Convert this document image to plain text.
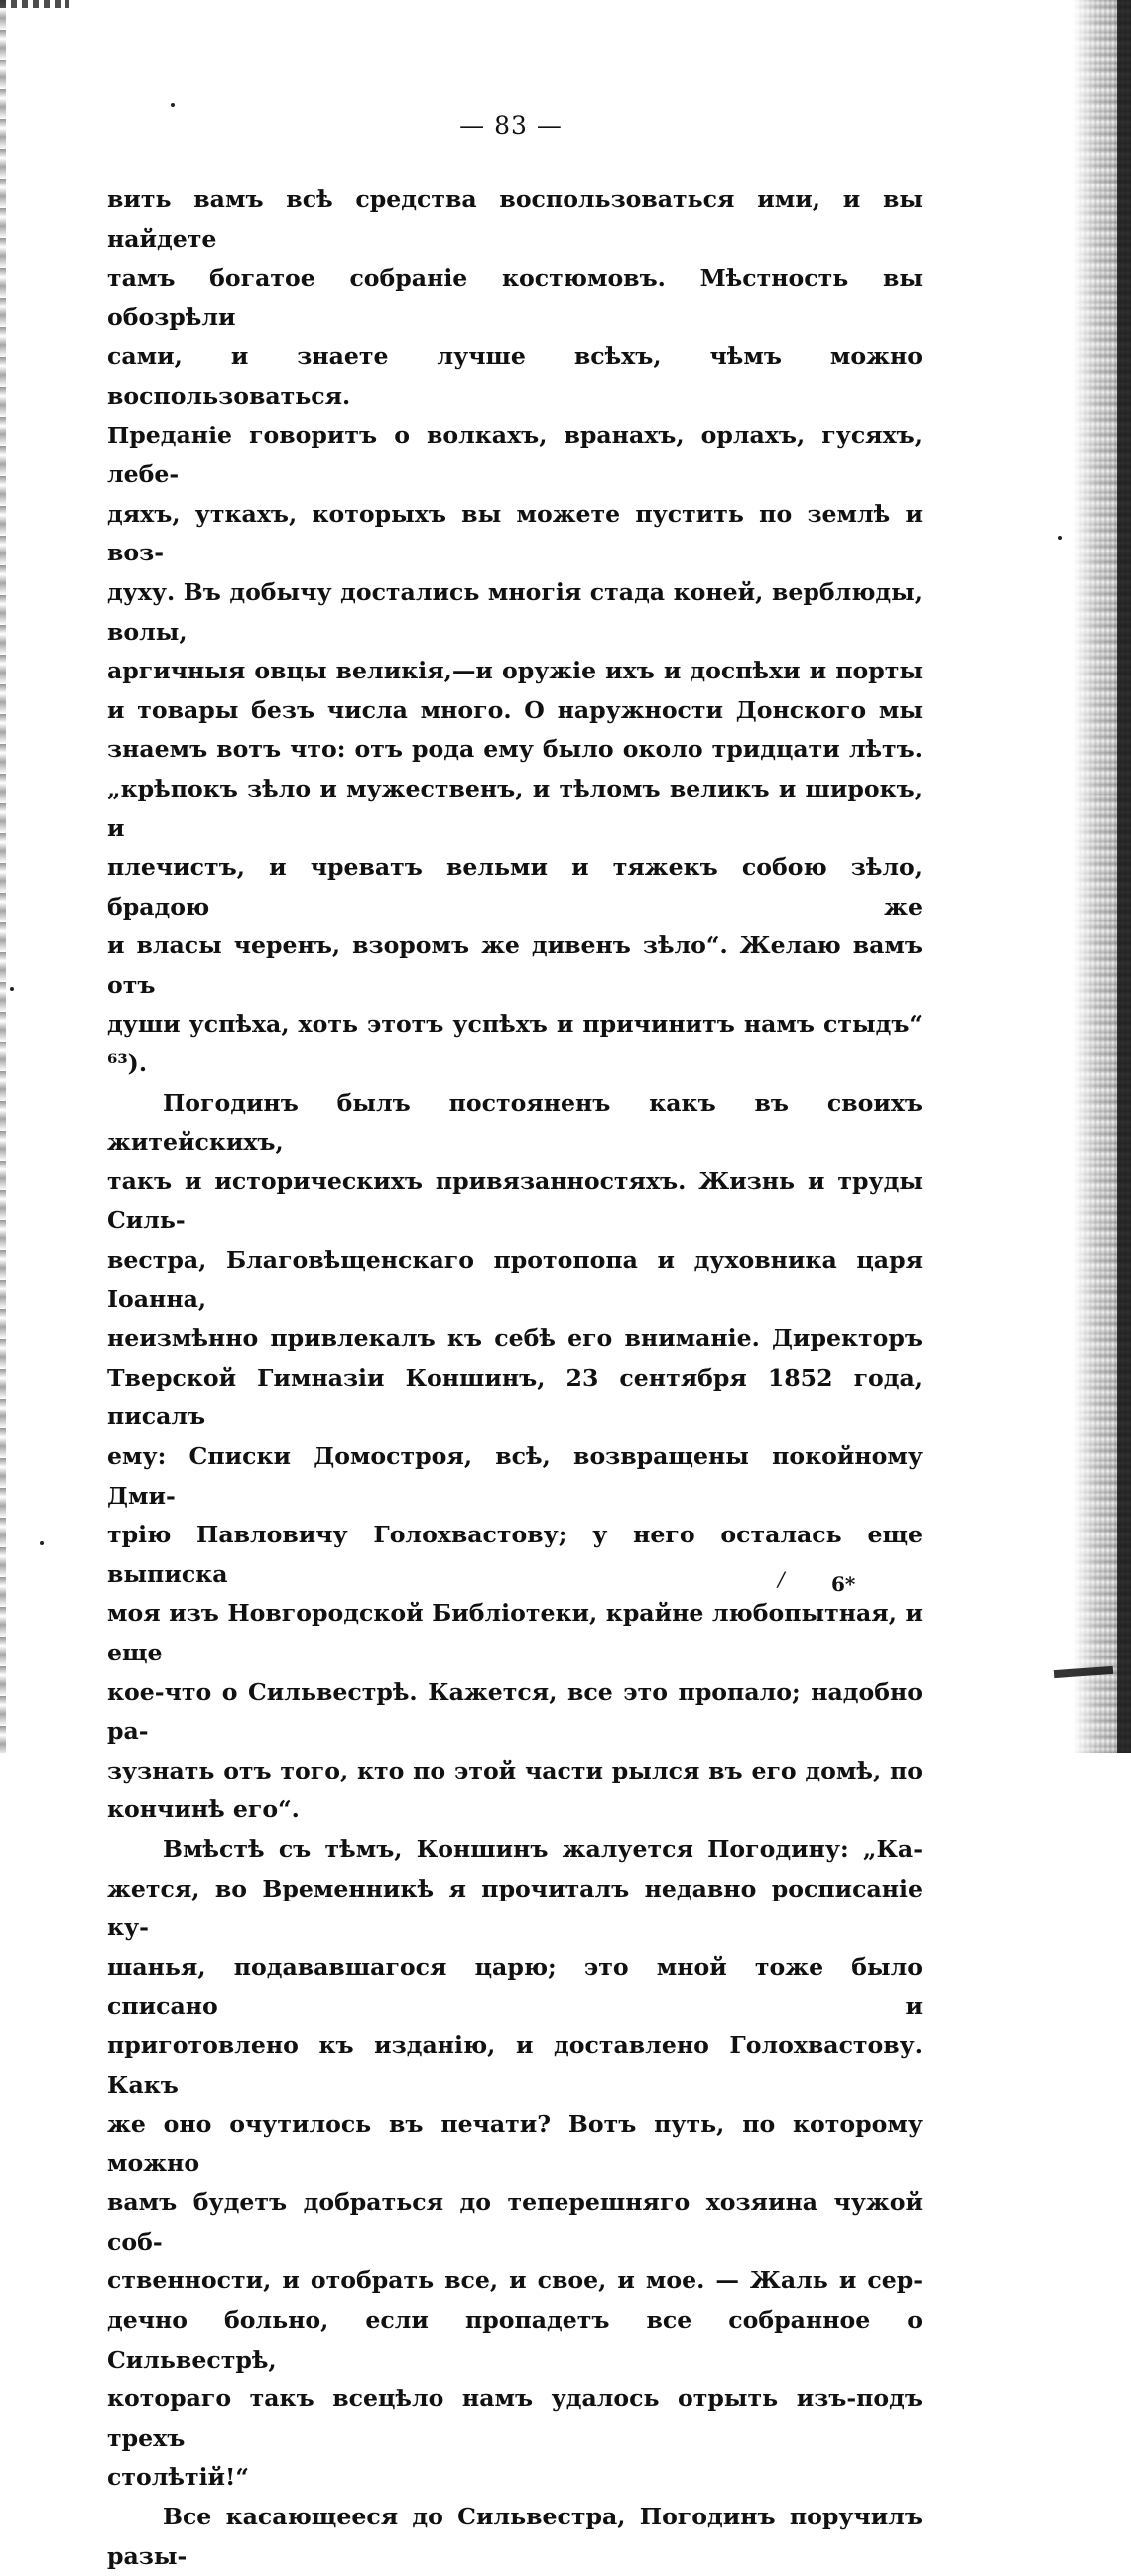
— 83 —

вить вамъ всѣ средства воспользоваться ими, и вы найдете

тамъ богатое собраніе костюмовъ. Мѣстность вы обозрѣли

сами, и знаете лучше всѣхъ, чѣмъ можно воспользоваться.

Преданіе говоритъ о волкахъ, вранахъ, орлахъ, гусяхъ, лебе-

дяхъ, уткахъ, которыхъ вы можете пустить по землѣ и воз-

духу. Въ добычу достались многія стада коней, верблюды, волы,

аргичныя овцы великія,—и оружіе ихъ и доспѣхи и порты

и товары безъ числа много. О наружности Донского мы

знаемъ вотъ что: отъ рода ему было около тридцати лѣтъ.

„крѣпокъ зѣло и мужественъ, и тѣломъ великъ и широкъ, и

плечистъ, и чреватъ вельми и тяжекъ собою зѣло, брадою же

и власы черенъ, взоромъ же дивенъ зѣло“. Желаю вамъ отъ

души успѣха, хоть этотъ успѣхъ и причинитъ намъ стыдъ“ ⁶³).

Погодинъ былъ постояненъ какъ въ своихъ житейскихъ,

такъ и историческихъ привязанностяхъ. Жизнь и труды Силь-

вестра, Благовѣщенскаго протопопа и духовника царя Іоанна,

неизмѣнно привлекалъ къ себѣ его вниманіе. Директоръ

Тверской Гимназіи Коншинъ, 23 сентября 1852 года, писалъ

ему: Списки Домостроя, всѣ, возвращены покойному Дми-

трію Павловичу Голохвастову; у него осталась еще выписка

моя изъ Новгородской Библіотеки, крайне любопытная, и еще

кое-что о Сильвестрѣ. Кажется, все это пропало; надобно ра-

зузнать отъ того, кто по этой части рылся въ его домѣ, по

кончинѣ его“.

Вмѣстѣ съ тѣмъ, Коншинъ жалуется Погодину: „Ка-

жется, во Временникѣ я прочиталъ недавно росписаніе ку-

шанья, подававшагося царю; это мной тоже было списано и

приготовлено къ изданію, и доставлено Голохвастову. Какъ

же оно очутилось въ печати? Вотъ путь, по которому можно

вамъ будетъ добраться до теперешняго хозяина чужой соб-

ственности, и отобрать все, и свое, и мое. — Жаль и сер-

дечно больно, если пропадетъ все собранное о Сильвестрѣ,

котораго такъ всецѣло намъ удалось отрыть изъ-подъ трехъ

столѣтій!“

Все касающееся до Сильвестра, Погодинъ поручилъ разы-

/ 6*
